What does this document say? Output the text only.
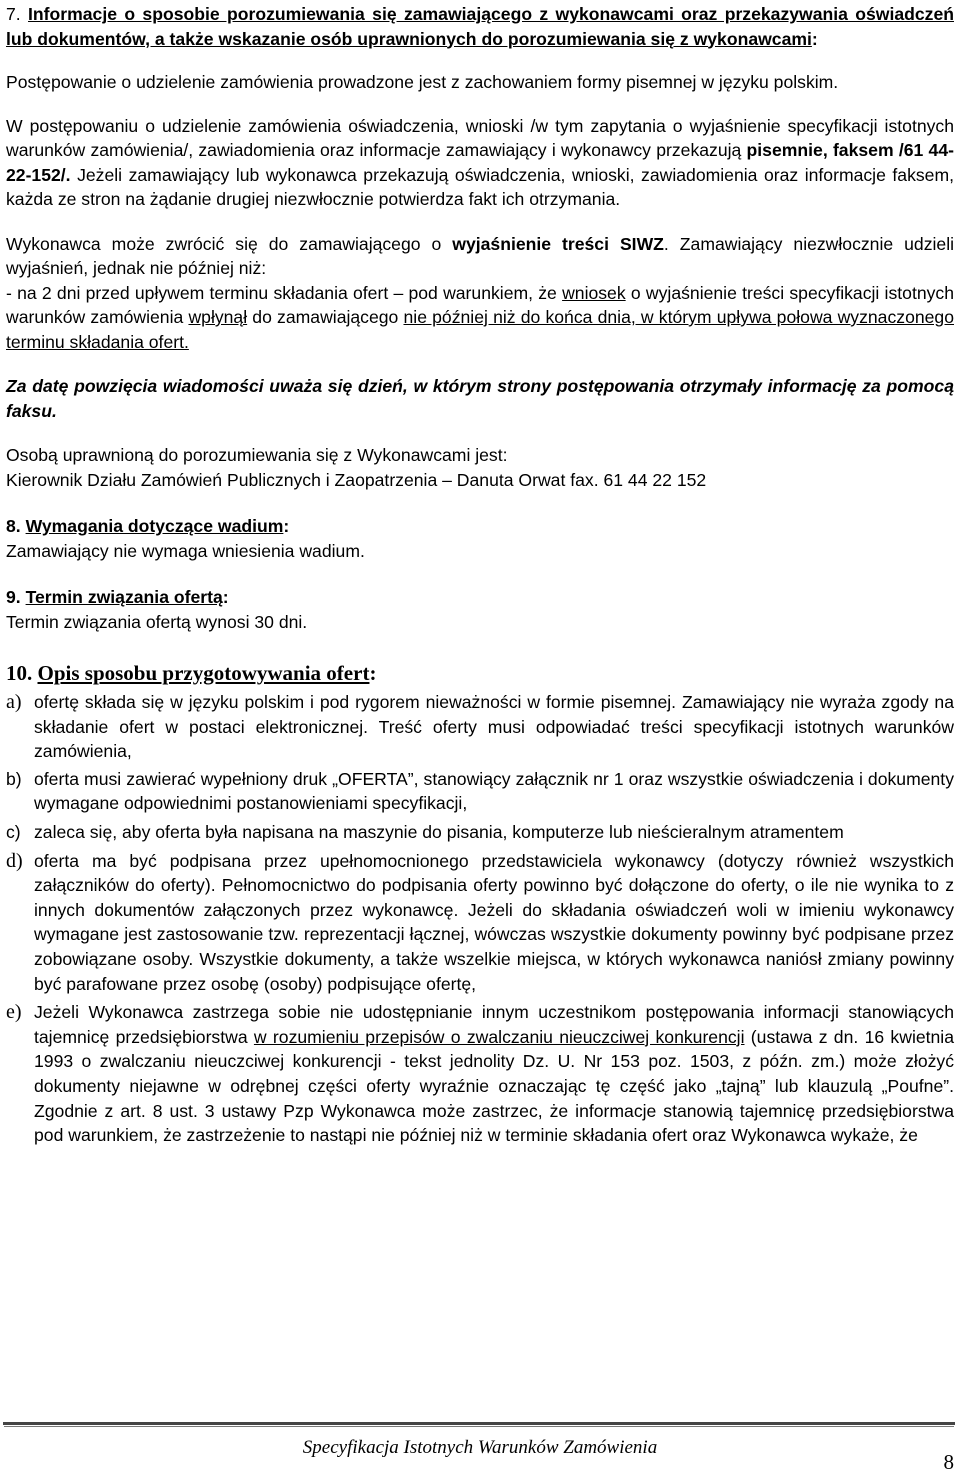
7. Informacje o sposobie porozumiewania się zamawiającego z wykonawcami oraz przekazywania oświadczeń lub dokumentów, a także wskazanie osób uprawnionych do porozumiewania się z wykonawcami:

Postępowanie o udzielenie zamówienia prowadzone jest z zachowaniem formy pisemnej w języku polskim.

W postępowaniu o udzielenie zamówienia oświadczenia, wnioski /w tym zapytania o wyjaśnienie specyfikacji istotnych warunków zamówienia/, zawiadomienia oraz informacje zamawiający i wykonawcy przekazują pisemnie, faksem /61 44-22-152/. Jeżeli zamawiający lub wykonawca przekazują oświadczenia, wnioski, zawiadomienia oraz informacje faksem, każda ze stron na żądanie drugiej niezwłocznie potwierdza fakt ich otrzymania.

Wykonawca może zwrócić się do zamawiającego o wyjaśnienie treści SIWZ. Zamawiający niezwłocznie udzieli wyjaśnień, jednak nie później niż:
- na 2 dni przed upływem terminu składania ofert – pod warunkiem, że wniosek o wyjaśnienie treści specyfikacji istotnych warunków zamówienia wpłynął do zamawiającego nie później niż do końca dnia, w którym upływa połowa wyznaczonego terminu składania ofert.

Za datę powzięcia wiadomości uważa się dzień, w którym strony postępowania otrzymały informację za pomocą faksu.

Osobą uprawnioną do porozumiewania się z Wykonawcami jest:

Kierownik Działu Zamówień Publicznych i Zaopatrzenia – Danuta Orwat fax. 61 44 22 152

8. Wymagania dotyczące wadium:

Zamawiający nie wymaga wniesienia wadium.

9. Termin związania ofertą:

Termin związania ofertą wynosi 30 dni.

10. Opis sposobu przygotowywania ofert:

a) ofertę składa się w języku polskim i pod rygorem nieważności w formie pisemnej. Zamawiający nie wyraża zgody na składanie ofert w postaci elektronicznej. Treść oferty musi odpowiadać treści specyfikacji istotnych warunków zamówienia,
b) oferta musi zawierać wypełniony druk „OFERTA”, stanowiący załącznik nr 1 oraz wszystkie oświadczenia i dokumenty wymagane odpowiednimi postanowieniami specyfikacji,
c) zaleca się, aby oferta była napisana na maszynie do pisania, komputerze lub nieścieralnym atramentem
d) oferta ma być podpisana przez upełnomocnionego przedstawiciela wykonawcy (dotyczy również wszystkich załączników do oferty). Pełnomocnictwo do podpisania oferty powinno być dołączone do oferty, o ile nie wynika to z innych dokumentów załączonych przez wykonawcę. Jeżeli do składania oświadczeń woli w imieniu wykonawcy wymagane jest zastosowanie tzw. reprezentacji łącznej, wówczas wszystkie dokumenty powinny być podpisane przez zobowiązane osoby. Wszystkie dokumenty, a także wszelkie miejsca, w których wykonawca naniósł zmiany powinny być parafowane przez osobę (osoby) podpisujące ofertę,
e) Jeżeli Wykonawca zastrzega sobie nie udostępnianie innym uczestnikom postępowania informacji stanowiących tajemnicę przedsiębiorstwa w rozumieniu przepisów o zwalczaniu nieuczciwej konkurencji (ustawa z dn. 16 kwietnia 1993 o zwalczaniu nieuczciwej konkurencji - tekst jednolity Dz. U. Nr 153 poz. 1503, z późn. zm.) może złożyć dokumenty niejawne w odrębnej części oferty wyraźnie oznaczając tę część jako „tajną” lub klauzulą „Poufne”. Zgodnie z art. 8 ust. 3 ustawy Pzp Wykonawca może zastrzec, że informacje stanowią tajemnicę przedsiębiorstwa pod warunkiem, że zastrzeżenie to nastąpi nie później niż w terminie składania ofert oraz Wykonawca wykaże, że
Specyfikacja Istotnych Warunków Zamówienia
8
